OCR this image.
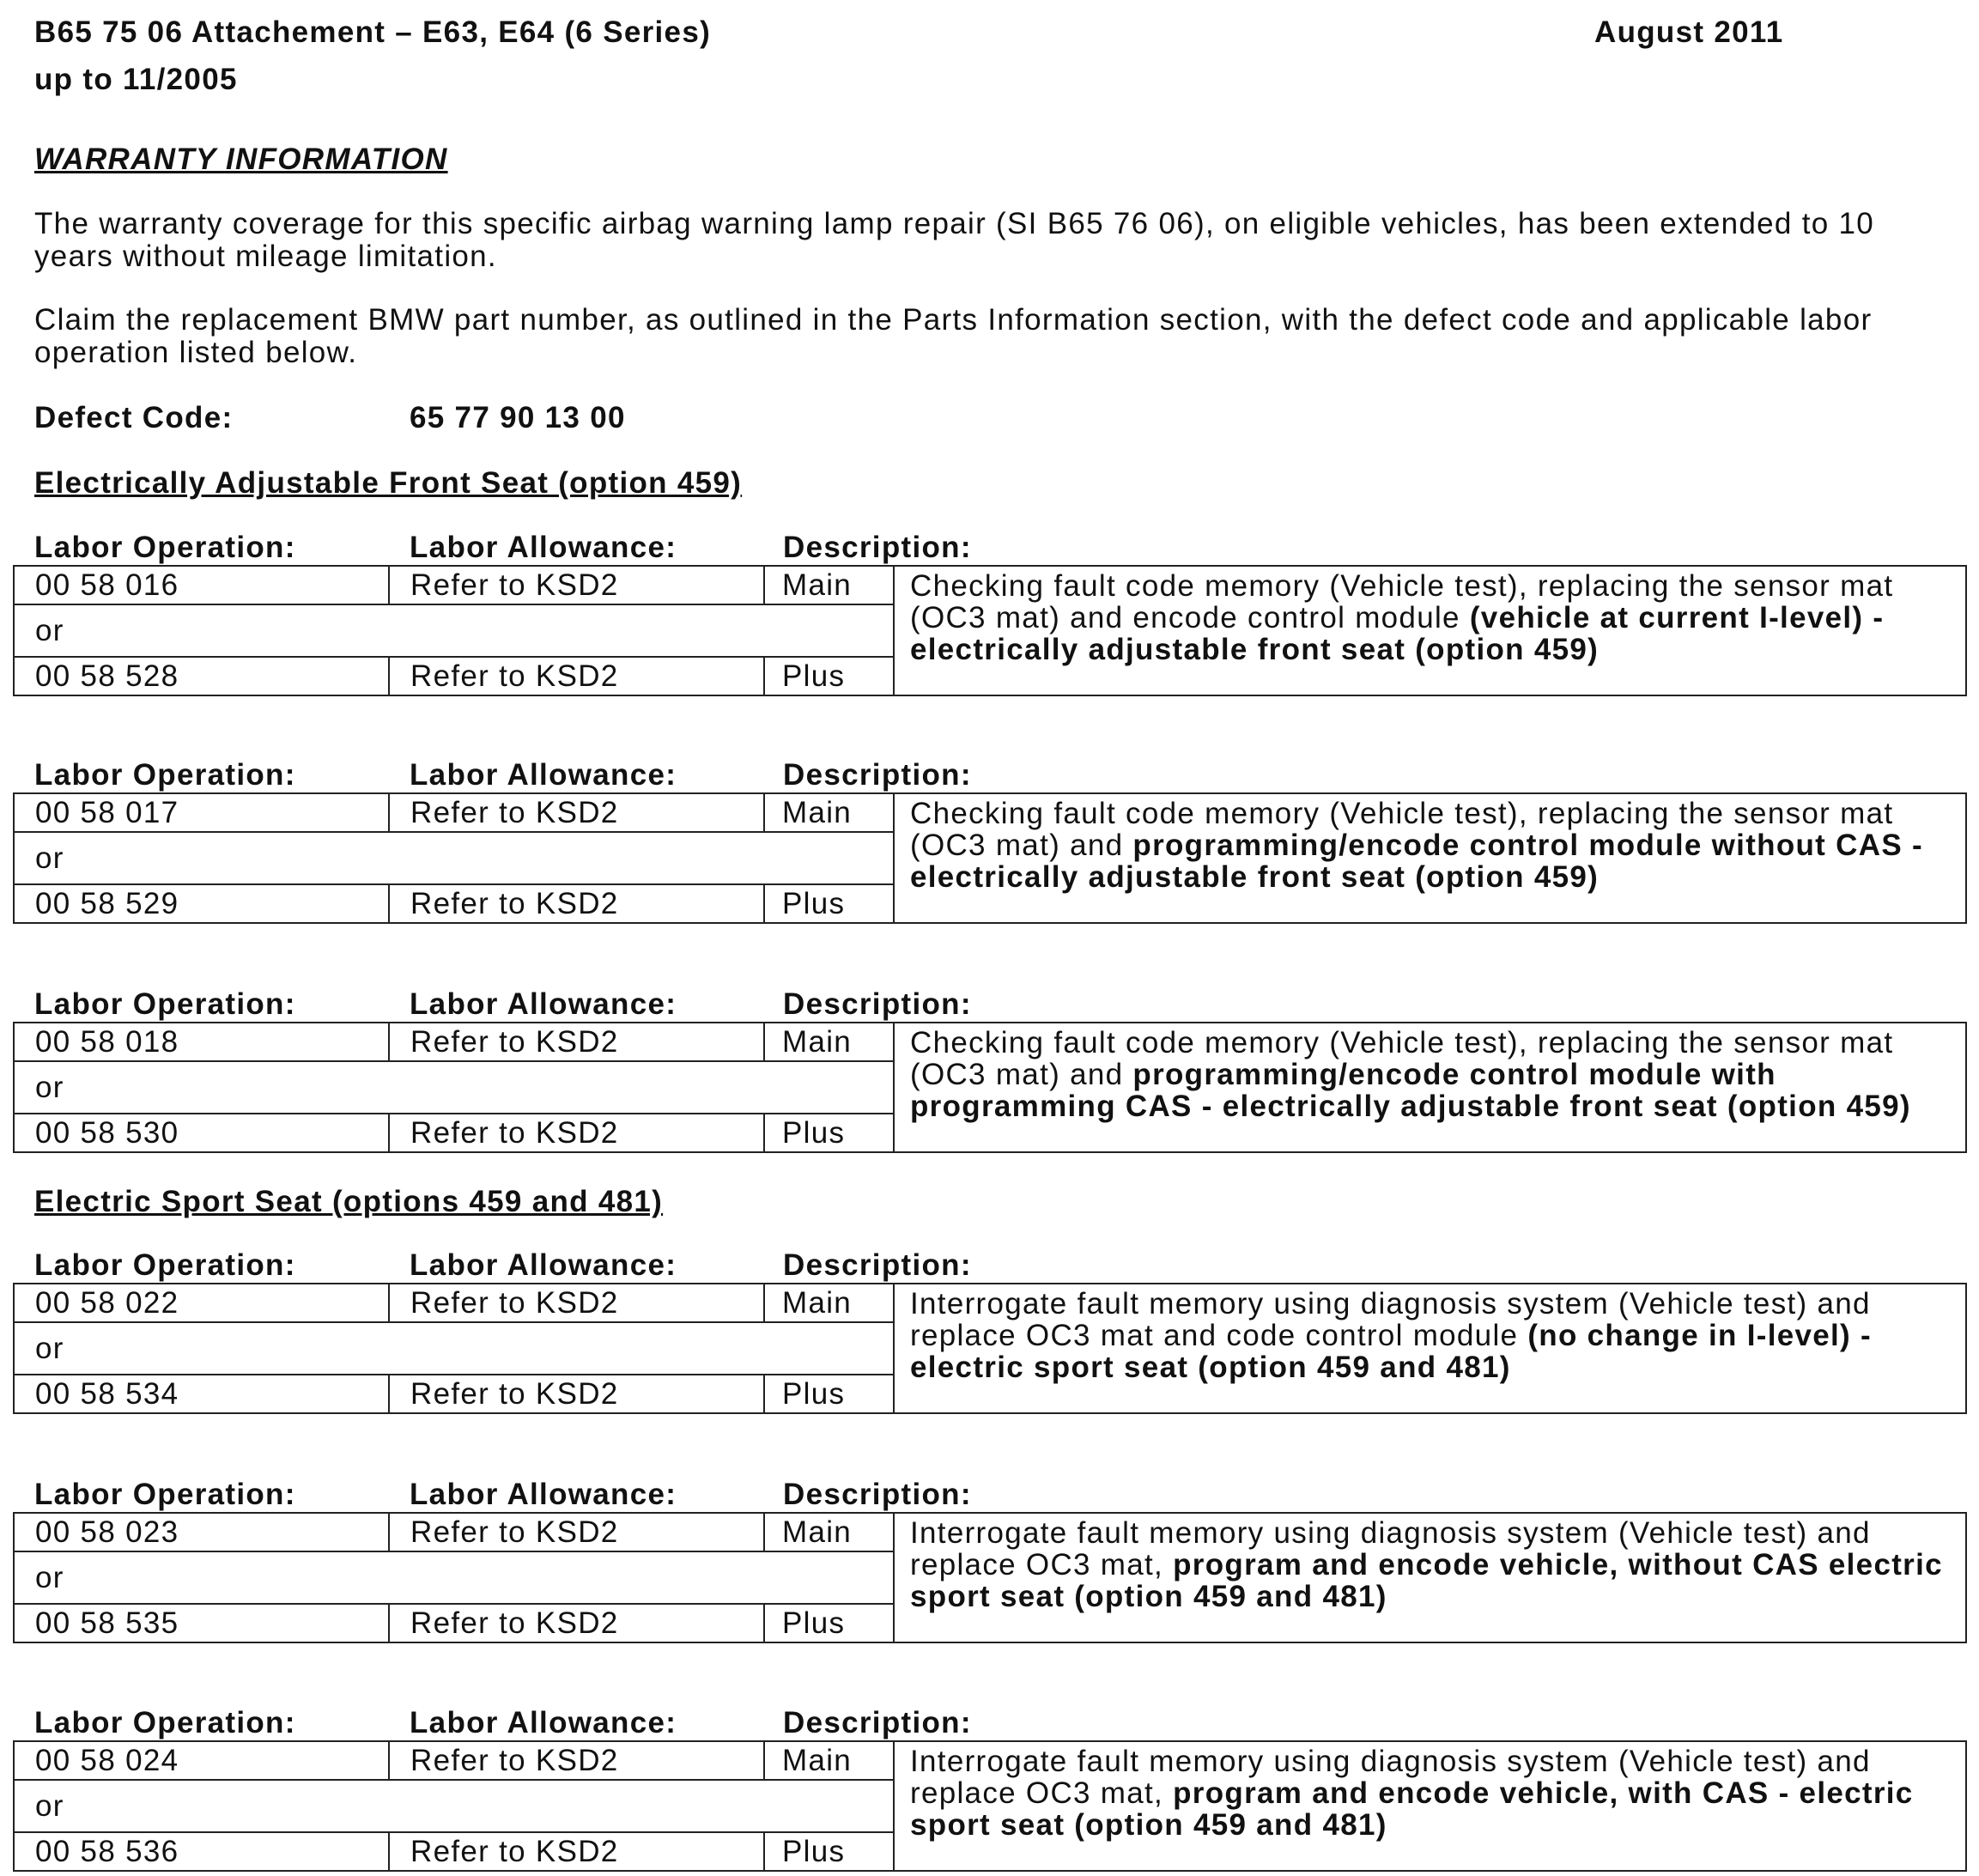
B65 75 06 Attachement – E63, E64 (6 Series)
up to 11/2005
August 2011
WARRANTY INFORMATION
The warranty coverage for this specific airbag warning lamp repair (SI B65 76 06), on eligible vehicles, has been extended to 10 years without mileage limitation.
Claim the replacement BMW part number, as outlined in the Parts Information section, with the defect code and applicable labor operation listed below.
Defect Code:	65 77 90 13 00
Electrically Adjustable Front Seat (option 459)
Electric Sport Seat (options 459 and 481)
Labor Operation:	Labor Allowance:	Description:
00 58 016	Refer to KSD2	Main	Checking fault code memory (Vehicle test), replacing the sensor mat (OC3 mat) and encode control module (vehicle at current I-level) - electrically adjustable front seat (option 459)
or			
00 58 528	Refer to KSD2	Plus	
Labor Operation:	Labor Allowance:	Description:
00 58 017	Refer to KSD2	Main	Checking fault code memory (Vehicle test), replacing the sensor mat (OC3 mat) and programming/encode control module without CAS - electrically adjustable front seat (option 459)
or			
00 58 529	Refer to KSD2	Plus	
Labor Operation:	Labor Allowance:	Description:
00 58 018	Refer to KSD2	Main	Checking fault code memory (Vehicle test), replacing the sensor mat (OC3 mat) and programming/encode control module with programming CAS - electrically adjustable front seat (option 459)
or			
00 58 530	Refer to KSD2	Plus	
Labor Operation:	Labor Allowance:	Description:
00 58 022	Refer to KSD2	Main	Interrogate fault memory using diagnosis system (Vehicle test) and replace OC3 mat and code control module (no change in I-level) - electric sport seat (option 459 and 481)
or			
00 58 534	Refer to KSD2	Plus	
Labor Operation:	Labor Allowance:	Description:
00 58 023	Refer to KSD2	Main	Interrogate fault memory using diagnosis system (Vehicle test) and replace OC3 mat, program and encode vehicle, without CAS electric sport seat (option 459 and 481)
or			
00 58 535	Refer to KSD2	Plus	
Labor Operation:	Labor Allowance:	Description:
00 58 024	Refer to KSD2	Main	Interrogate fault memory using diagnosis system (Vehicle test) and replace OC3 mat, program and encode vehicle, with CAS - electric sport seat (option 459 and 481)
or			
00 58 536	Refer to KSD2	Plus	
